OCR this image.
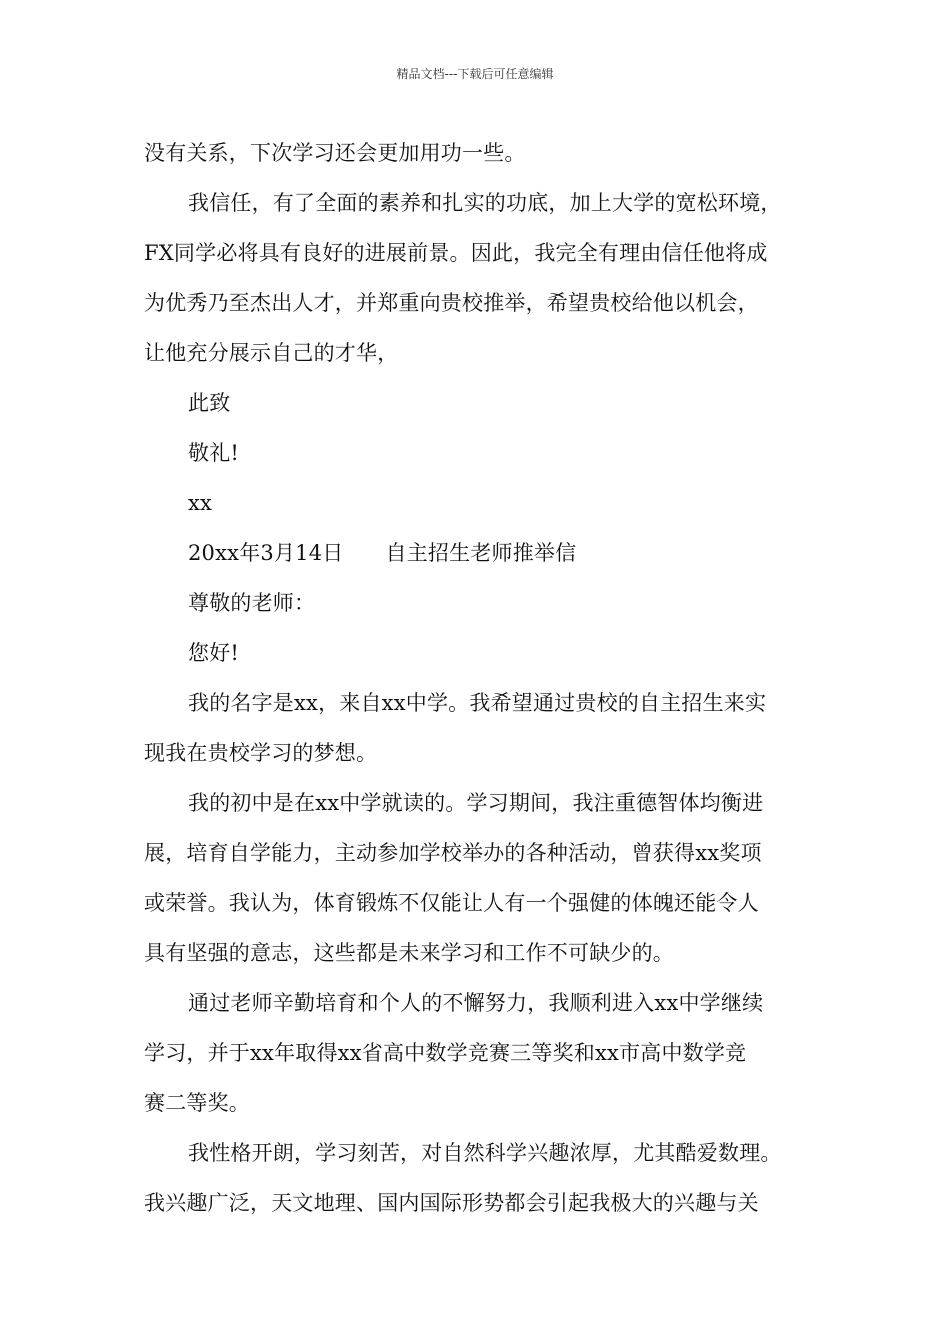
精品文档---下载后可任意编辑
没有关系，下次学习还会更加用功一些。
我信任，有了全面的素养和扎实的功底，加上大学的宽松环境，
FX同学必将具有良好的进展前景。因此，我完全有理由信任他将成
为优秀乃至杰出人才，并郑重向贵校推举，希望贵校给他以机会，
让他充分展示自己的才华，
此致
敬礼!
xx
20xx年3月14日 自主招生老师推举信
尊敬的老师：
您好!
我的名字是xx，来自xx中学。我希望通过贵校的自主招生来实
现我在贵校学习的梦想。
我的初中是在xx中学就读的。学习期间，我注重德智体均衡进
展，培育自学能力，主动参加学校举办的各种活动，曾获得xx奖项
或荣誉。我认为，体育锻炼不仅能让人有一个强健的体魄还能令人
具有坚强的意志，这些都是未来学习和工作不可缺少的。
通过老师辛勤培育和个人的不懈努力，我顺利进入xx中学继续
学习，并于xx年取得xx省高中数学竞赛三等奖和xx市高中数学竞
赛二等奖。
我性格开朗，学习刻苦，对自然科学兴趣浓厚，尤其酷爱数理。
我兴趣广泛，天文地理、国内国际形势都会引起我极大的兴趣与关
